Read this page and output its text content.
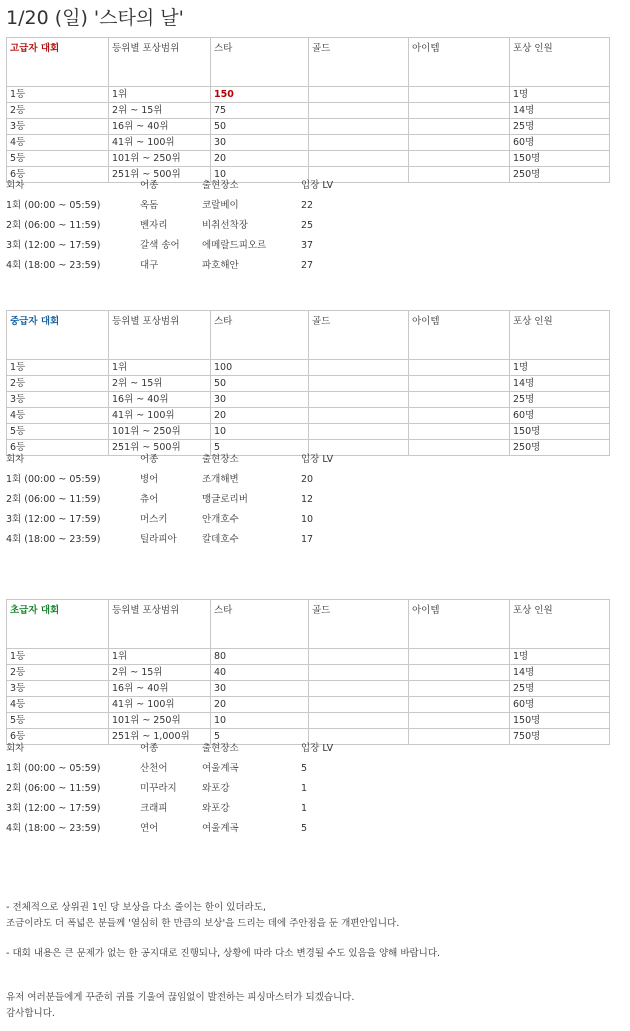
1/20 (일) '스타의 날'
고급자 대회	등위별 포상범위	스타	골드	아이템	포상 인원
1등	1위	150			1명
2등	2위 ~ 15위	75			14명
3등	16위 ~ 40위	50			25명
4등	41위 ~ 100위	30			60명
5등	101위 ~ 250위	20			150명
6등	251위 ~ 500위	10			250명
회차	어종	출현장소	입장 LV
1회 (00:00 ~ 05:59)	옥돔	코랄베이	22
2회 (06:00 ~ 11:59)	벤자리	비취선착장	25
3회 (12:00 ~ 17:59)	갈색 송어	에메랄드피오르	37
4회 (18:00 ~ 23:59)	대구	파호해안	27
중급자 대회	등위별 포상범위	스타	골드	아이템	포상 인원
1등	1위	100			1명
2등	2위 ~ 15위	50			14명
3등	16위 ~ 40위	30			25명
4등	41위 ~ 100위	20			60명
5등	101위 ~ 250위	10			150명
6등	251위 ~ 500위	5			250명
회차	어종	출현장소	입장 LV
1회 (00:00 ~ 05:59)	병어	조개해변	20
2회 (06:00 ~ 11:59)	츄어	맹글로리버	12
3회 (12:00 ~ 17:59)	머스키	안개호수	10
4회 (18:00 ~ 23:59)	틸라피아	칼데호수	17
초급자 대회	등위별 포상범위	스타	골드	아이템	포상 인원
1등	1위	80			1명
2등	2위 ~ 15위	40			14명
3등	16위 ~ 40위	30			25명
4등	41위 ~ 100위	20			60명
5등	101위 ~ 250위	10			150명
6등	251위 ~ 1,000위	5			750명
회차	어종	출현장소	입장 LV
1회 (00:00 ~ 05:59)	산천어	여울계곡	5
2회 (06:00 ~ 11:59)	미꾸라지	와포강	1
3회 (12:00 ~ 17:59)	크래피	와포강	1
4회 (18:00 ~ 23:59)	연어	여울계곡	5
- 전체적으로 상위권 1인 당 보상을 다소 줄이는 한이 있더라도,
조금이라도 더 폭넓은 분들께 '열심히 한 만큼의 보상'을 드리는 데에 주안점을 둔 개편안입니다.
- 대회 내용은 큰 문제가 없는 한 공지대로 진행되나, 상황에 따라 다소 변경될 수도 있음을 양해 바랍니다.
유저 여러분들에게 꾸준히 귀를 기울여 끊임없이 발전하는 피싱마스터가 되겠습니다.
감사합니다.
